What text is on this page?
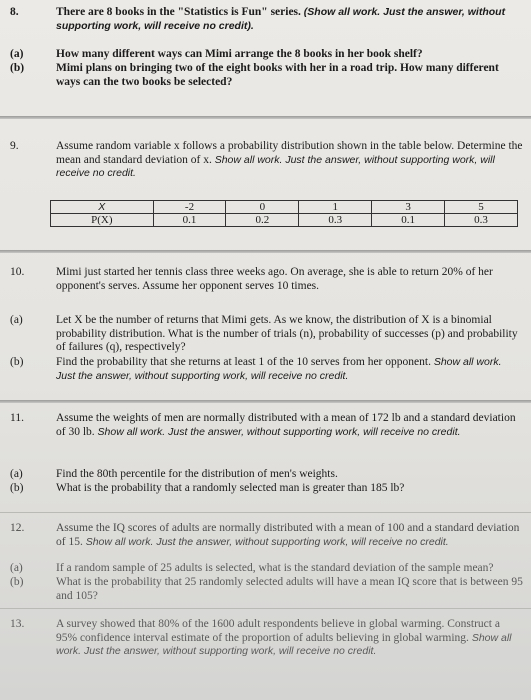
8.	There are 8 books in the "Statistics is Fun" series. (Show all work. Just the answer, without supporting work, will receive no credit).
(a)	How many different ways can Mimi arrange the 8 books in her book shelf?
(b)	Mimi plans on bringing two of the eight books with her in a road trip. How many different ways can the two books be selected?
9.	Assume random variable x follows a probability distribution shown in the table below. Determine the mean and standard deviation of x. Show all work. Just the answer, without supporting work, will receive no credit.
X	-2	0	1	3	5
P(X)	0.1	0.2	0.3	0.1	0.3
10.	Mimi just started her tennis class three weeks ago. On average, she is able to return 20% of her opponent's serves. Assume her opponent serves 10 times.
(a)	Let X be the number of returns that Mimi gets. As we know, the distribution of X is a binomial probability distribution. What is the number of trials (n), probability of successes (p) and probability of failures (q), respectively?
(b)	Find the probability that she returns at least 1 of the 10 serves from her opponent. Show all work. Just the answer, without supporting work, will receive no credit.
11.	Assume the weights of men are normally distributed with a mean of 172 lb and a standard deviation of 30 lb. Show all work. Just the answer, without supporting work, will receive no credit.
(a)	Find the 80th percentile for the distribution of men's weights.
(b)	What is the probability that a randomly selected man is greater than 185 lb?
12.	Assume the IQ scores of adults are normally distributed with a mean of 100 and a standard deviation of 15. Show all work. Just the answer, without supporting work, will receive no credit.
(a)	If a random sample of 25 adults is selected, what is the standard deviation of the sample mean?
(b)	What is the probability that 25 randomly selected adults will have a mean IQ score that is between 95 and 105?
13.	A survey showed that 80% of the 1600 adult respondents believe in global warming. Construct a 95% confidence interval estimate of the proportion of adults believing in global warming. Show all work. Just the answer, without supporting work, will receive no credit.
